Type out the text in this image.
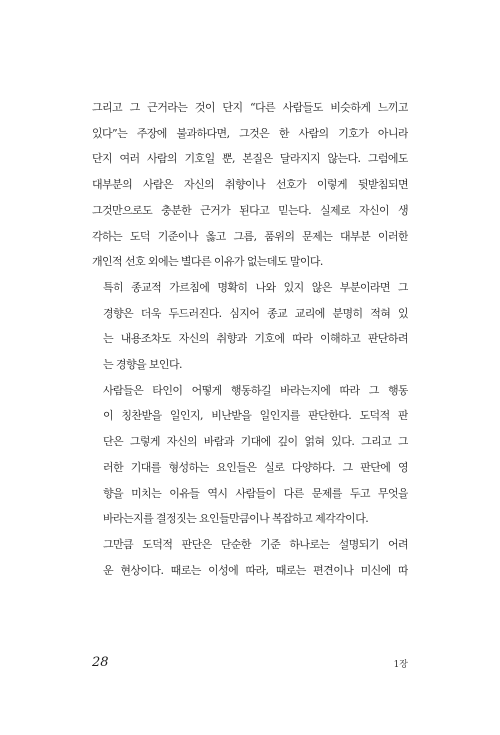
그리고 그 근거라는 것이 단지 “다른 사람들도 비슷하게 느끼고
있다”는 주장에 불과하다면, 그것은 한 사람의 기호가 아니라
단지 여러 사람의 기호일 뿐, 본질은 달라지지 않는다. 그럼에도
대부분의 사람은 자신의 취향이나 선호가 이렇게 뒷받침되면
그것만으로도 충분한 근거가 된다고 믿는다. 실제로 자신이 생
각하는 도덕 기준이나 옳고 그름, 품위의 문제는 대부분 이러한
개인적 선호 외에는 별다른 이유가 없는데도 말이다.

특히 종교적 가르침에 명확히 나와 있지 않은 부분이라면 그
경향은 더욱 두드러진다. 심지어 종교 교리에 분명히 적혀 있
는 내용조차도 자신의 취향과 기호에 따라 이해하고 판단하려
는 경향을 보인다.

사람들은 타인이 어떻게 행동하길 바라는지에 따라 그 행동
이 칭찬받을 일인지, 비난받을 일인지를 판단한다. 도덕적 판
단은 그렇게 자신의 바람과 기대에 깊이 얽혀 있다. 그리고 그
러한 기대를 형성하는 요인들은 실로 다양하다. 그 판단에 영
향을 미치는 이유들 역시 사람들이 다른 문제를 두고 무엇을
바라는지를 결정짓는 요인들만큼이나 복잡하고 제각각이다.

그만큼 도덕적 판단은 단순한 기준 하나로는 설명되기 어려
운 현상이다. 때로는 이성에 따라, 때로는 편견이나 미신에 따

28	1장
